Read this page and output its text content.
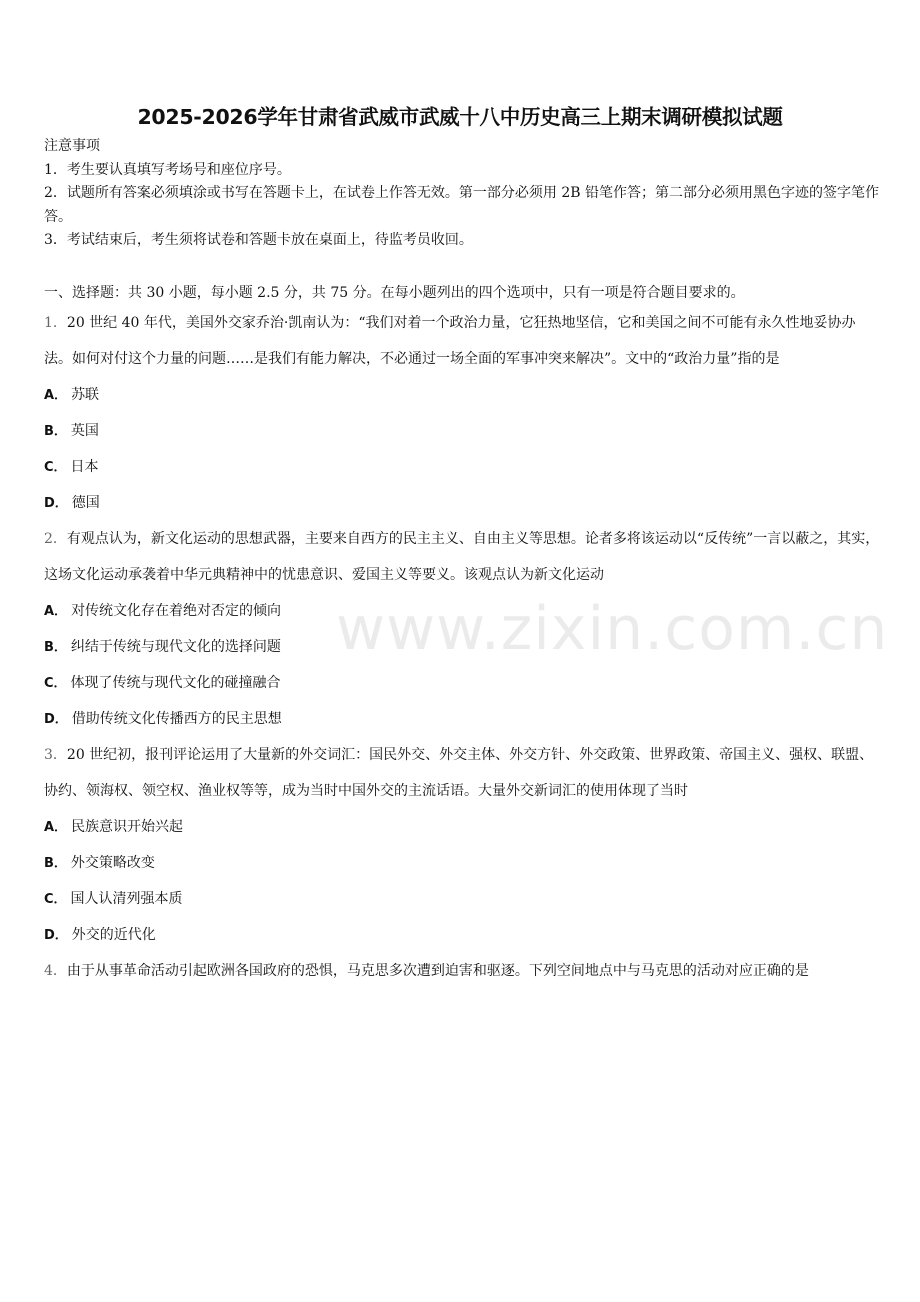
2025-2026学年甘肃省武威市武威十八中历史高三上期末调研模拟试题

注意事项

1．考生要认真填写考场号和座位序号。

2．试题所有答案必须填涂或书写在答题卡上，在试卷上作答无效。第一部分必须用 2B 铅笔作答；第二部分必须用黑色字迹的签字笔作答。

3．考试结束后，考生须将试卷和答题卡放在桌面上，待监考员收回。

一、选择题：共 30 小题，每小题 2.5 分，共 75 分。在每小题列出的四个选项中，只有一项是符合题目要求的。

1．20 世纪 40 年代，美国外交家乔治·凯南认为：“我们对着一个政治力量，它狂热地坚信，它和美国之间不可能有永久性地妥协办法。如何对付这个力量的问题……是我们有能力解决，不必通过一场全面的军事冲突来解决”。文中的“政治力量”指的是

A． 苏联

B． 英国

C． 日本

D． 德国

2．有观点认为，新文化运动的思想武器，主要来自西方的民主主义、自由主义等思想。论者多将该运动以“反传统”一言以蔽之，其实，这场文化运动承袭着中华元典精神中的忧患意识、爱国主义等要义。该观点认为新文化运动

A． 对传统文化存在着绝对否定的倾向

B． 纠结于传统与现代文化的选择问题

C． 体现了传统与现代文化的碰撞融合

D． 借助传统文化传播西方的民主思想

3．20 世纪初，报刊评论运用了大量新的外交词汇：国民外交、外交主体、外交方针、外交政策、世界政策、帝国主义、强权、联盟、协约、领海权、领空权、渔业权等等，成为当时中国外交的主流话语。大量外交新词汇的使用体现了当时

A． 民族意识开始兴起

B． 外交策略改变

C． 国人认清列强本质

D． 外交的近代化

4．由于从事革命活动引起欧洲各国政府的恐惧，马克思多次遭到迫害和驱逐。下列空间地点中与马克思的活动对应正确的是

www.zixin.com.cn
